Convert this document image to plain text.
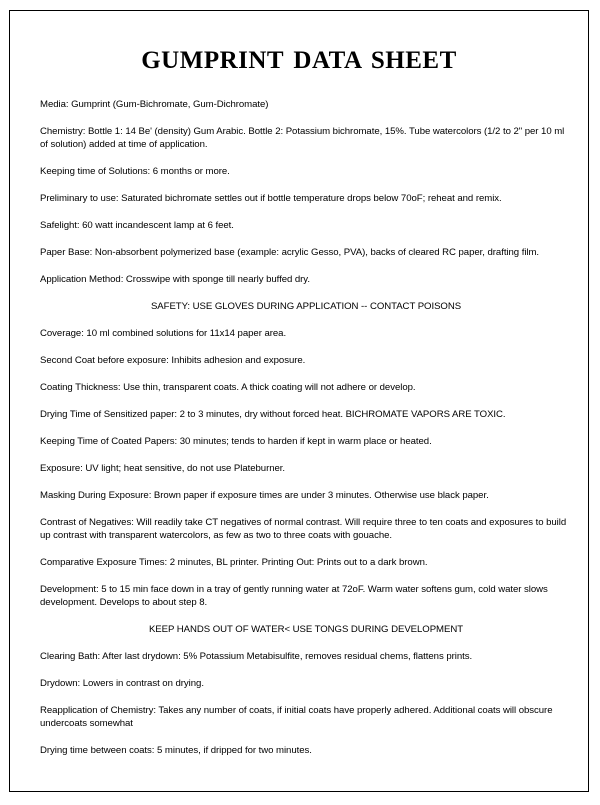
GUMPRINT DATA SHEET

Media: Gumprint (Gum-Bichromate, Gum-Dichromate)

Chemistry: Bottle 1: 14 Be' (density) Gum Arabic. Bottle 2: Potassium bichromate, 15%. Tube watercolors (1/2 to 2" per 10 ml of solution) added at time of application.

Keeping time of Solutions: 6 months or more.

Preliminary to use: Saturated bichromate settles out if bottle temperature drops below 70oF; reheat and remix.

Safelight: 60 watt incandescent lamp at 6 feet.

Paper Base: Non-absorbent polymerized base (example: acrylic Gesso, PVA), backs of cleared RC paper, drafting film.

Application Method: Crosswipe with sponge till nearly buffed dry.

SAFETY: USE GLOVES DURING APPLICATION -- CONTACT POISONS

Coverage: 10 ml combined solutions for 11x14 paper area.

Second Coat before exposure: Inhibits adhesion and exposure.

Coating Thickness: Use thin, transparent coats. A thick coating will not adhere or develop.

Drying Time of Sensitized paper: 2 to 3 minutes, dry without forced heat. BICHROMATE VAPORS ARE TOXIC.

Keeping Time of Coated Papers: 30 minutes; tends to harden if kept in warm place or heated.

Exposure: UV light; heat sensitive, do not use Plateburner.

Masking During Exposure: Brown paper if exposure times are under 3 minutes. Otherwise use black paper.

Contrast of Negatives: Will readily take CT negatives of normal contrast. Will require three to ten coats and exposures to build up contrast with transparent watercolors, as few as two to three coats with gouache.

Comparative Exposure Times: 2 minutes, BL printer. Printing Out: Prints out to a dark brown.

Development: 5 to 15 min face down in a tray of gently running water at 72oF. Warm water softens gum, cold water slows development. Develops to about step 8.

KEEP HANDS OUT OF WATER< USE TONGS DURING DEVELOPMENT

Clearing Bath: After last drydown: 5% Potassium Metabisulfite, removes residual chems, flattens prints.

Drydown: Lowers in contrast on drying.

Reapplication of Chemistry: Takes any number of coats, if initial coats have properly adhered. Additional coats will obscure undercoats somewhat

Drying time between coats: 5 minutes, if dripped for two minutes.
